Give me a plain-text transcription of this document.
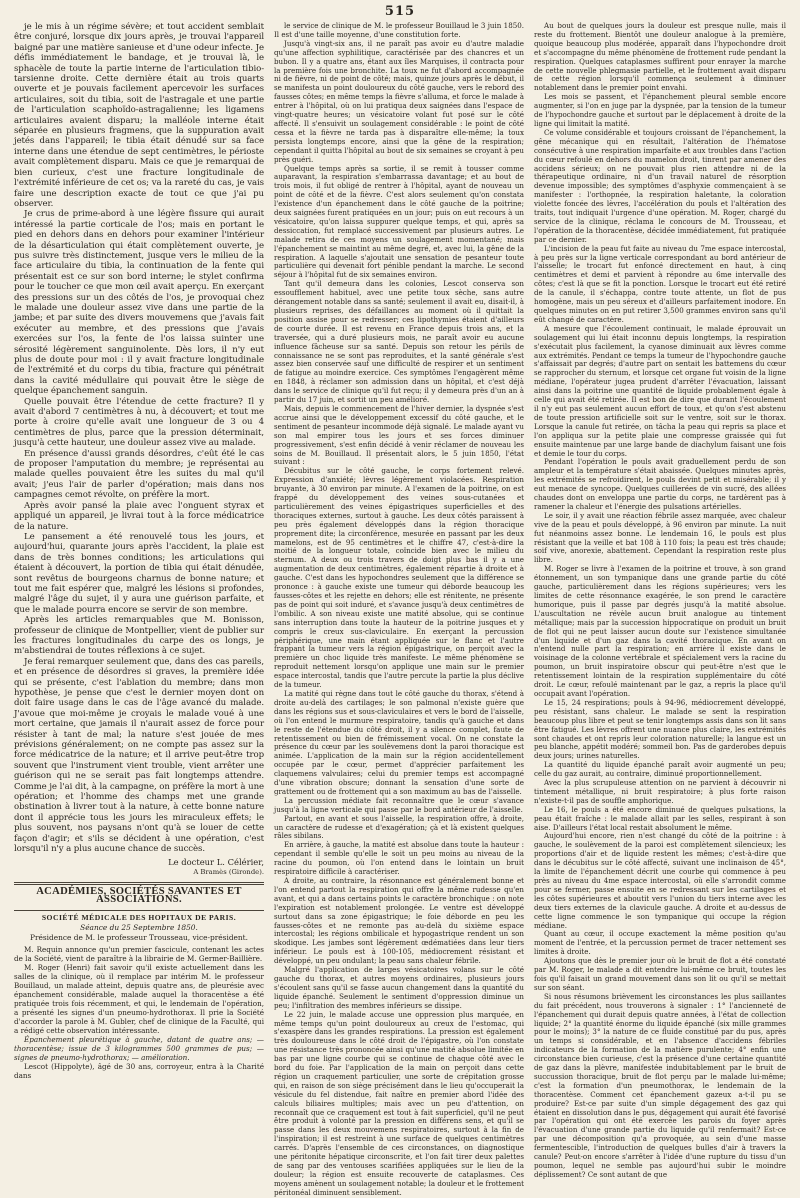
515

je le mis à un régime sévère; et tout accident semblait être conjuré, lorsque dix jours après, je trouvai l'appareil baigné par une matière sanieuse et d'une odeur infecte. Je défis immédiatement le bandage, et je trouvai là, le sphacèle de toute la partie interne de l'articulation tibio-tarsienne droite. Cette dernière était au trois quarts ouverte et je pouvais facilement apercevoir les surfaces articulaires, soit du tibia, soit de l'astragale et une partie de l'articulation scaphoïdo-astragalienne; les ligamens articulaires avaient disparu; la malléole interne était séparée en plusieurs fragmens, que la suppuration avait jetés dans l'appareil; le tibia était dénudé sur sa face interne dans une étendue de sept centimètres, le périoste avait complètement disparu. Mais ce que je remarquai de bien curieux, c'est une fracture longitudinale de l'extrémité inférieure de cet os; va la rareté du cas, je vais faire une description exacte de tout ce que j'ai pu observer.

Je crus de prime-abord à une légère fissure qui aurait intéressé la partie corticale de l'os; mais en portant le pied en dehors dans en dehors pour examiner l'intérieur de la désarticulation qui était complètement ouverte, je pus suivre très distinctement, jusque vers le milieu de la face articulaire du tibia, la continuation de la fente qui présentait est ce sur son bord interne; le stylet confirma pour le toucher ce que mon œil avait aperçu. En exerçant des pressions sur un des côtés de l'os, je provoquai chez le malade une douleur assez vive dans une partie de la jambe; et par suite des divers mouvemens que j'avais fait exécuter au membre, et des pressions que j'avais exercées sur l'os, la fente de l'os laissa suinter une sérosité légèrement sanguinolente. Dès lors, il n'y eut plus de doute pour moi : il y avait fracture longitudinale de l'extrémité et du corps du tibia, fracture qui pénétrait dans la cavité médullaire qui pouvait être le siège de quelque épanchement sanguin.

Quelle pouvait être l'étendue de cette fracture? Il y avait d'abord 7 centimètres à nu, à découvert; et tout me porte à croire qu'elle avait une longueur de 3 ou 4 centimètres de plus, parce que la pression déterminait, jusqu'à cette hauteur, une douleur assez vive au malade.

En présence d'aussi grands désordres, c'eût été le cas de proposer l'amputation du membre; je représentai au malade quelles pouvaient être les suites du mal qu'il avait; j'eus l'air de parler d'opération; mais dans nos campagnes cemot révolte, on préfère la mort.

Après avoir pansé la plaie avec l'onguent styrax et appliqué un appareil, je livrai tout à la force médicatrice de la nature.

Le pansement a été renouvelé tous les jours, et aujourd'hui, quarante jours après l'accident, la plaie est dans de très bonnes conditions; les articulations qui étaient à découvert, la portion de tibia qui était dénudée, sont revêtus de bourgeons charnus de bonne nature; et tout me fait espérer que, malgré les lésions si profondes, malgré l'âge du sujet, il y aura une guérison parfaite, et que le malade pourra encore se servir de son membre.

Après les articles remarquables que M. Bonisson, professeur de clinique de Montpellier, vient de publier sur les fractures longitudinales du carpe des os longs, je m'abstiendrai de toutes réflexions à ce sujet.

Je ferai remarquer seulement que, dans des cas pareils, et en présence de désordres si graves, la première idée qui se présente, c'est l'ablation du membre; dans mon hypothèse, je pense que c'est le dernier moyen dont on doit faire usage dans le cas de l'âge avancé du malade. J'avoue que moi-même je croyais le malade voué à une mort certaine, que jamais il n'aurait assez de force pour résister à tant de mal; la nature s'est jouée de mes prévisions généralement; on ne compte pas assez sur la force médicatrice de la nature; et il arrive peut-être trop souvent que l'instrument vient trouble, vient arrêter une guérison qui ne se serait pas fait longtemps attendre. Comme je l'ai dit, à la campagne, on préfère la mort à une opération; et l'homme des champs met une grande obstination à livrer tout à la nature, à cette bonne nature dont il apprécie tous les jours les miraculeux effets; le plus souvent, nos paysans n'ont qu'à se louer de cette façon d'agir; et s'ils se décident à une opération, c'est lorsqu'il n'y a plus aucune chance de succès.

Le docteur L. Célérier,
A Bramès (Gironde).
ACADÉMIES, SOCIÉTÉS SAVANTES ET ASSOCIATIONS.
SOCIÉTÉ MÉDICALE DES HOPITAUX DE PARIS.
Séance du 25 Septembre 1850.
Présidence de M. le professeur Trousseau, vice-président.

M. Requin annonce qu'un premier fascicule, contenant les actes de la Société, vient de paraître à la librairie de M. Germer-Baillière.

M. Roger (Henri) fait savoir qu'il existe actuellement dans les salles de la clinique, où il remplace par intérim M. le professeur Bouillaud, un malade atteint, depuis quatre ans, de pleurésie avec épanchement considérable, malade auquel la thoracentèse a été pratiquée trois fois récemment, et qui, le lendemain de l'opération, a présenté les signes d'un pneumo-hydrothorax. Il prie la Société d'accorder la parole à M. Gubler, chef de clinique de la Faculté, qui a rédigé cette observation intéressante.

Épanchement pleurétique à gauche, datant de quatre ans; — thoracentèse; issue de 3 kilogrammes 500 grammes de pus; — signes de pneumo-hydrothorax; — amélioration.

Lescot (Hippolyte), âgé de 30 ans, corroyeur, entra à la Charité dans

le service de clinique de M. le professeur Bouillaud le 3 juin 1850. Il est d'une taille moyenne, d'une constitution forte.

Jusqu'à vingt-six ans, il ne paraît pas avoir eu d'autre maladie qu'une affection syphilitique, caractérisée par des chancres et un bubon. Il y a quatre ans, étant aux îles Marquises, il contracta pour la première fois une bronchite. La toux ne fut d'abord accompagnée ni de fièvre, ni de point de côté; mais, quinze jours après le début, il se manifesta un point douloureux du côté gauche, vers le rebord des fausses côtes; en même temps la fièvre s'alluma, et force le malade à entrer à l'hôpital, où on lui pratiqua deux saignées dans l'espace de vingt-quatre heures; un vésicatoire volant fut posé sur le côté affecté. Il s'ensuivit un soulagement considérable : le point de côté cessa et la fièvre ne tarda pas à disparaître elle-même; la toux persista longtemps encore, ainsi que la gêne de la respiration; cependant il quitta l'hôpital au bout de six semaines se croyant à peu près guéri.

Quelque temps après sa sortie, il se remit à tousser comme auparavant, la respiration s'embarrassa davantage; et au bout de trois mois, il fut obligé de rentrer à l'hôpital, ayant de nouveau un point de côté et de la fièvre. C'est alors seulement qu'on constata l'existence d'un épanchement dans le côté gauche de la poitrine; deux saignées furent pratiquées en un jour; puis on eut recours à un vésicatoire, qu'on laissa suppurer quelque temps, et qui, après sa dessiccation, fut remplacé successivement par plusieurs autres. Le malade retira de ces moyens un soulagement momentané; mais l'épanchement se maintint au même degré, et, avec lui, la gêne de la respiration. A laquelle s'ajoutait une sensation de pesanteur toute particulière qui devenait fort pénible pendant la marche. Le second séjour à l'hôpital fut de six semaines environ.

Tant qu'il demeura dans les colonies, Lescot conserva son essoufflement habituel, avec une petite toux sèche, sans autre dérangement notable dans sa santé; seulement il avait eu, disait-il, à plusieurs reprises, des défaillances au moment où il quittait la position assise pour se redresser; ces lipothymies étaient d'ailleurs de courte durée. Il est revenu en France depuis trois ans, et la traversée, qui a duré plusieurs mois, ne paraît avoir eu aucune influence fâcheuse sur sa santé. Depuis son retour les périls de connaissance ne se sont pas reproduites, et la santé générale s'est assez bien conservée sauf une difficulté de respirer et un sentiment de fatigue au moindre exercice. Ces symptômes l'engagèrent même en 1848, à réclamer son admission dans un hôpital, et c'est déjà dans le service de clinique qu'il fut reçu; il y demeura près d'un an à partir du 17 juin, et sortit un peu amélioré.

Mais, depuis le commencement de l'hiver dernier, la dyspnée s'est accrue ainsi que le développement excessif du côté gauche, et le sentiment de pesanteur incommode déjà signalé. Le malade ayant vu son mal empirer tous les jours et ses forces diminuer progressivement, s'est enfin décidé à venir réclamer de nouveau les soins de M. Bouillaud. Il présentait alors, le 5 juin 1850, l'état suivant :

Décubitus sur le côté gauche, le corps fortement relevé. Expression d'anxiété; lèvres légèrement violacées. Respiration bruyante, à 30 environ par minute. A l'examen de la poitrine, on est frappé du développement des veines sous-cutanées et particulièrement des veines épigastriques superficielles et des thoraciques externes, surtout à gauche. Les deux côtés paraissent à peu près également développés dans la région thoracique proprement dite; la circonférence, mesurée en passant par les deux mamelons, est de 95 centimètres et le chiffre 47, c'est-à-dire la moitié de la longueur totale, coïncide bien avec le milieu du sternum. A deux ou trois travers de doigt plus bas il y a une augmentation de deux centimètres, également répartie à droite et à gauche. C'est dans les hypochondres seulement que la différence se prononce : à gauche existe une tumeur qui déborde beaucoup les fausses-côtes et les rejette en dehors; elle est rénitente, ne présente pas de point qui soit induré, et s'avance jusqu'à deux centimètres de l'ombilic. A son niveau existe une matité absolue, qui se continue sans interruption dans toute la hauteur de la poitrine jusques et y compris le creux sus-claviculaire. En exerçant la percussion périphérique, une main étant appliquée sur le flanc et l'autre frappant la tumeur vers la région épigastrique, on perçoit avec la première un choc liquide très manifeste. Le même phénomène se reproduit nettement lorsqu'on applique une main sur le premier espace intercostal, tandis que l'autre percute la partie la plus déclive de la tumeur.

La matité qui règne dans tout le côté gauche du thorax, s'étend à droite au-delà des cartilages; le son palmonal n'existe guère que dans les régions sus et sous-claviculaires et vers le bord de l'aisselle, où l'on entend le murmure respiratoire, tandis qu'à gauche et dans le reste de l'étendue du côté droit, il y a silence complet, faute de retentissement ou bien de frémissement vocal. On ne constate la présence du cœur par les soulèvemens dont la paroi thoracique est animée. L'application de la main sur la région accidentellement occupée par le cœur, permet d'apprécier parfaitement les claquemens valvulaires; celui du premier temps est accompagné d'une vibration obscure; donnant la sensation d'une sorte de grattement ou de frottement qui a son maximum au bas de l'aisselle.

La percussion médiate fait reconnaître que le cœur s'avance jusqu'à la ligne verticale qui passe par le bord antérieur de l'aisselle.

Partout, en avant et sous l'aisselle, la respiration offre, à droite, un caractère de rudesse et d'exagération; çà et là existent quelques râles sibilans.

En arrière, à gauche, la matité est absolue dans toute la hauteur : cependant il semble qu'elle le soit un peu moins au niveau de la racine du poumon, où l'on entend dans le lointain un bruit respiratoire difficile à caractériser.

A droite, au contraire, la résonnance est généralement bonne et l'on entend partout la respiration qui offre la même rudesse qu'en avant, et qui a dans certains points le caractère bronchique : on note l'expiration est notablement prolongée. Le ventre est développé surtout dans sa zone épigastrique; le foie déborde en peu les fausses-côtes et ne remonte pas au-delà du sixième espace intercostal; les régions ombilicale et hypogastrique rendent un son skodique. Les jambes sont légèrement œdématiées dans leur tiers inférieur. Le pouls est à 100-105, médiocrement résistant et développé, un peu ondulant; la peau sans chaleur fébrile.

Malgré l'application de larges vésicatoires volans sur le côté gauche du thorax, et autres moyens ordinaires, plusieurs jours s'écoulent sans qu'il se fasse aucun changement dans la quantité du liquide épanché. Seulement le sentiment d'oppression diminue un peu; l'infiltration des membres inférieurs se dissipe.

Le 22 juin, le malade accuse une oppression plus marquée, en même temps qu'un point douloureux au creux de l'estomac, qui s'exaspère dans les grandes respirations. La pression est également très douloureuse dans le côté droit de l'épigastre, où l'on constate une résistance très prononcée ainsi qu'une matité absolue limitée en bas par une ligne courbe qui se continue de chaque côté avec le bord du foie. Par l'application de la main on perçoit dans cette région un craquement particulier, une sorte de crépitation grosse qui, en raison de son siège précisément dans le lieu qu'occuperait la vésicule du fel distendue, fait naître en premier abord l'idée des calculs biliaires multiples; mais avec un peu d'attention, on reconnaît que ce craquement est tout à fait superficiel, qu'il ne peut être produit à volonté par la pression en différens sens, et qu'il se passe dans les deux mouvemens respiratoires, surtout à la fin de l'inspiration; il est restreint à une surface de quelques centimètres carrés. D'après l'ensemble de ces circonstances, on diagnostique une péritonite hépatique circonscrite, et l'on fait tirer deux palettes de sang par des ventouses scarifiées appliquées sur le lieu de la douleur; la région est ensuite recouverte de cataplasmes. Ces moyens amènent un soulagement notable; la douleur et le frottement péritonéal diminuent sensiblement.

Au bout de quelques jours la douleur est presque nulle, mais il reste du frottement. Bientôt une douleur analogue à la première, quoique beaucoup plus modérée, apparaît dans l'hypochondre droit et s'accompagne du même phénomène de frottement rude pendant la respiration. Quelques cataplasmes suffirent pour enrayer la marche de cette nouvelle phlegmasie partielle, et le frottement avait disparu de cette région lorsqu'il commença seulement à diminuer notablement dans le premier point envahi.

Les mois se passent, et l'épanchement pleural semble encore augmenter, si l'on en juge par la dyspnée, par la tension de la tumeur de l'hypochondre gauche et surtout par le déplacement à droite de la ligne qui limitait la matité.

Ce volume considérable et toujours croissant de l'épanchement, la gêne mécanique qui en résultait, l'altération de l'hématose consécutive à une respiration imparfaite et aux troubles dans l'action du cœur refoulé en dehors du mamelon droit, tinrent par amener des accidens sérieux; on ne pouvait plus rien attendre ni de la thérapeutique ordinaire, ni d'un travail naturel de résorption devenue impossible; des symptômes d'asphyxie commençaient à se manifester : l'orthopnée, la respiration haletante, la coloration violette foncée des lèvres, l'accélération du pouls et l'altération des traits, tout indiquait l'urgence d'une opération. M. Roger, chargé du service de la clinique, réclama le concours de M. Trousseau, et l'opération de la thoracentèse, décidée immédiatement, fut pratiquée par ce dernier.

L'incision de la peau fut faite au niveau du 7me espace intercostal, à peu près sur la ligne verticale correspondant au bord antérieur de l'aisselle; le trocart fut enfoncé directement en haut, à cinq centimètres et demi et parvient à répondre au 6me intervalle des côtes; c'est là que se fit la ponction. Lorsque le trocart eut été retiré de la canule, il s'échappa, contre toute attente, un flot de pus homogène, mais un peu séreux et d'ailleurs parfaitement inodore. En quelques minutes on en put retirer 3,500 grammes environ sans qu'il eût changé de caractère.

A mesure que l'écoulement continuait, le malade éprouvait un soulagement qui lui était inconnu depuis longtemps, la respiration s'exécutait plus facilement, la cyanose diminuait aux lèvres comme aux extrémités. Pendant ce temps la tumeur de l'hypochondre gauche s'affaissait par degrés; d'autre part on sentait les battemens du cœur se rapprocher du sternum, et lorsque cet organe fut voisin de la ligne médiane, l'opérateur jugea prudent d'arrêter l'évacuation, laissant ainsi dans la poitrine une quantité de liquide probablement égale à celle qui avait été retirée. Il est bon de dire que durant l'écoulement il n'y eut pas seulement aucun effort de toux, et qu'on s'est abstenu de toute pression artificielle soit sur le ventre, soit sur le thorax. Lorsque la canule fut retirée, on tâcha la peau qui repris sa place et l'on appliqua sur la petite plaie une compresse graissée qui fut ensuite maintenue par une large bande de diachylum faisant une fois et demie le tour du corps.

Pendant l'opération le pouls avait graduellement perdu de son ampleur et la température s'était abaissée. Quelques minutes après, les extrémités se refroidirent, le pouls devint petit et misérable; il y eut menace de syncope. Quelques cuillerées de vin sucré, des allées chaudes dont on enveloppa une partie du corps, ne tardèrent pas à ramener la chaleur et l'énergie des pulsations artérielles.

Le soir, il y avait une réaction fébrile assez marquée, avec chaleur vive de la peau et pouls développé, à 96 environ par minute. La nuit fut néanmoins assez bonne. Le lendemain 16, le pouls est plus résistant que la veille et bat 108 à 110 fois; la peau est très chaude; soif vive, anorexie, abattement. Cependant la respiration reste plus libre.

M. Roger se livre à l'examen de la poitrine et trouve, à son grand étonnement, un son tympanique dans une grande partie du côté gauche, particulièrement dans les régions supérieures; vers les limites de cette résonnance exagérée, le son prend le caractère humorique, puis il passe par degrés jusqu'à la matité absolue. L'auscultation ne révèle aucun bruit analogue au tintement métallique; mais par la succession hippocratique on produit un bruit de flot qui ne peut laisser aucun doute sur l'existence simultanée d'un liquide et d'un gaz dans la cavité thoracique. En avant on n'entend nulle part la respiration; en arrière il existe dans le voisinage de la colonne vertébrale et spécialement vers la racine du poumon, un bruit inspiratoire obscur qui peut-être n'est que le retentissement lointain de la respiration supplémentaire du côté droit. Le cœur, refoulé maintenant par le gaz, a repris la place qu'il occupait avant l'opération.

Le 15, 24 respirations; pouls à 94-96, médiocrement développé, peu résistant, sans chaleur. Le malade se sent la respiration beaucoup plus libre et peut se tenir longtemps assis dans son lit sans être fatigué. Les lèvres offrent une nuance plus claire, les extrémités sont chaudes et ont repris leur coloration naturelle; la langue est un peu blanche, appétit modéré; sommeil bon. Pas de garderobes depuis deux jours; urines naturelles.

La quantité du liquide épanché paraît avoir augmenté un peu; celle du gaz aurait, au contraire, diminué proportionnellement.

Avec la plus scrupuleuse attention on ne parvient à découvrir ni tintement métallique, ni bruit respiratoire; à plus forte raison n'existe-t-il pas de souffle amphorique.

Le 16, le pouls a été encore diminué de quelques pulsations, la peau était fraîche : le malade allait par les selles, respirant à son aise. D'ailleurs l'état local restait absolument le même.

Aujourd'hui encore, rien n'est changé du côté de la poitrine : à gauche, le soulèvement de la paroi est complètement silencieux; les proportions d'air et de liquide restent les mêmes; c'est-à-dire que dans le décubitus sur le côté affecté, suivant une inclinaison de 45°, la limite de l'épanchement décrit une courbe qui commence à peu près au niveau du 4me espace intercostal, où elle s'arrondit comme pour se fermer, passe ensuite en se redressant sur les cartilages et les côtes supérieures et aboutit vers l'union du tiers interne avec les deux tiers externes de la clavicule gauche. A droite et au-dessus de cette ligne commence le son tympanique qui occupe la région médiane.

Quant au cœur, il occupe exactement la même position qu'au moment de l'entrée, et la percussion permet de tracer nettement ses limites à droite.

Ajoutons que dès le premier jour où le bruit de flot a été constaté par M. Roger, le malade a dit entendre lui-même ce bruit, toutes les fois qu'il faisait un grand mouvement dans son lit ou qu'il se mettait sur son séant.

Si nous résumons brièvement les circonstances les plus saillantes du fait précédent, nous trouverons à signaler : 1° l'ancienneté de l'épanchement qui durait depuis quatre années, à l'état de collection liquide; 2° la quantité énorme du liquide épanché (six mille grammes pour le moins); 3° la nature de ce fluide constitué par du pus, après un temps si considérable, et en l'absence d'accidens fébriles indicateurs de la formation de la matière purulente; 4° enfin une circonstance bien curieuse, c'est la présence d'une certaine quantité de gaz dans la plèvre, manifestée indubitablement par le bruit de succussion thoracique, bruit de flot perçu par le malade lui-même; c'est la formation d'un pneumothorax, le lendemain de la thoracentèse. Comment cet épanchement gazeux a-t-il pu se produire? Est-ce par suite d'un simple dégagement des gaz qui étaient en dissolution dans le pus, dégagement qui aurait été favorisé par l'opération qui ont été exercée les parois du foyer après l'évacuation d'une grande partie du liquide qu'il renfermait? Est-ce par une décomposition qu'a provoquée, au sein d'une masse fermentescible, l'introduction de quelques bulles d'air à travers la canule? Peut-on encore s'arrêter à l'idée d'une rupture du tissu d'un poumon, lequel ne semble pas aujourd'hui subir le moindre déplissement? Ce sont autant de que
